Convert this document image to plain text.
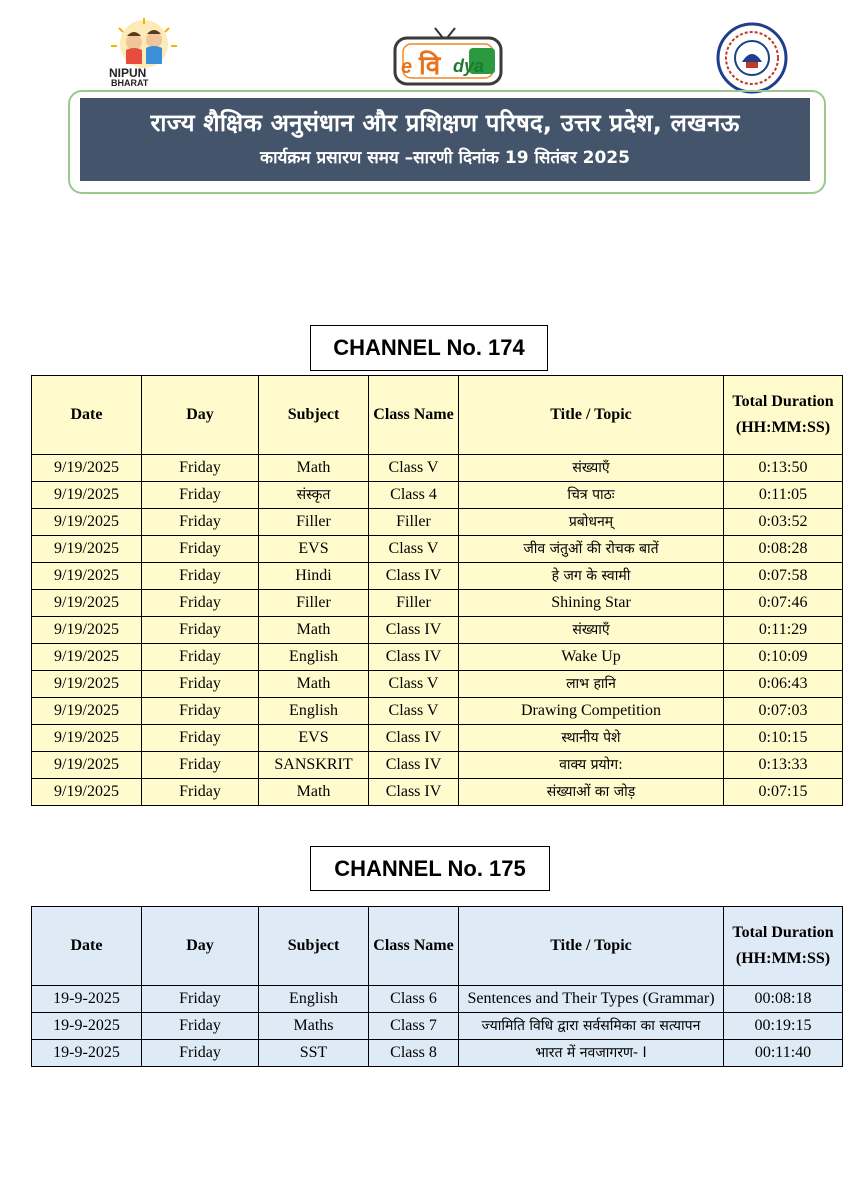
NIPUN
BHARAT
e वि dya
राज्य शैक्षिक अनुसंधान और प्रशिक्षण परिषद, उत्तर प्रदेश, लखनऊ
कार्यक्रम प्रसारण समय –सारणी दिनांक 19 सितंबर 2025
CHANNEL No. 174
Date	Day	Subject	Class Name	Title / Topic	Total Duration (HH:MM:SS)
9/19/2025	Friday	Math	Class V	संख्याएँ	0:13:50
9/19/2025	Friday	संस्कृत	Class 4	चित्र पाठः	0:11:05
9/19/2025	Friday	Filler	Filler	प्रबोधनम्	0:03:52
9/19/2025	Friday	EVS	Class V	जीव जंतुओं की रोचक बातें	0:08:28
9/19/2025	Friday	Hindi	Class IV	हे जग के स्वामी	0:07:58
9/19/2025	Friday	Filler	Filler	Shining Star	0:07:46
9/19/2025	Friday	Math	Class IV	संख्याएँ	0:11:29
9/19/2025	Friday	English	Class IV	Wake Up	0:10:09
9/19/2025	Friday	Math	Class V	लाभ हानि	0:06:43
9/19/2025	Friday	English	Class V	Drawing Competition	0:07:03
9/19/2025	Friday	EVS	Class IV	स्थानीय पेशे	0:10:15
9/19/2025	Friday	SANSKRIT	Class IV	वाक्य प्रयोग:	0:13:33
9/19/2025	Friday	Math	Class IV	संख्याओं का जोड़	0:07:15
CHANNEL No. 175
Date	Day	Subject	Class Name	Title / Topic	Total Duration (HH:MM:SS)
19-9-2025	Friday	English	Class 6	Sentences and Their Types (Grammar)	00:08:18
19-9-2025	Friday	Maths	Class 7	ज्यामिति विधि द्वारा सर्वसमिका का सत्यापन	00:19:15
19-9-2025	Friday	SST	Class 8	भारत में नवजागरण- I	00:11:40
